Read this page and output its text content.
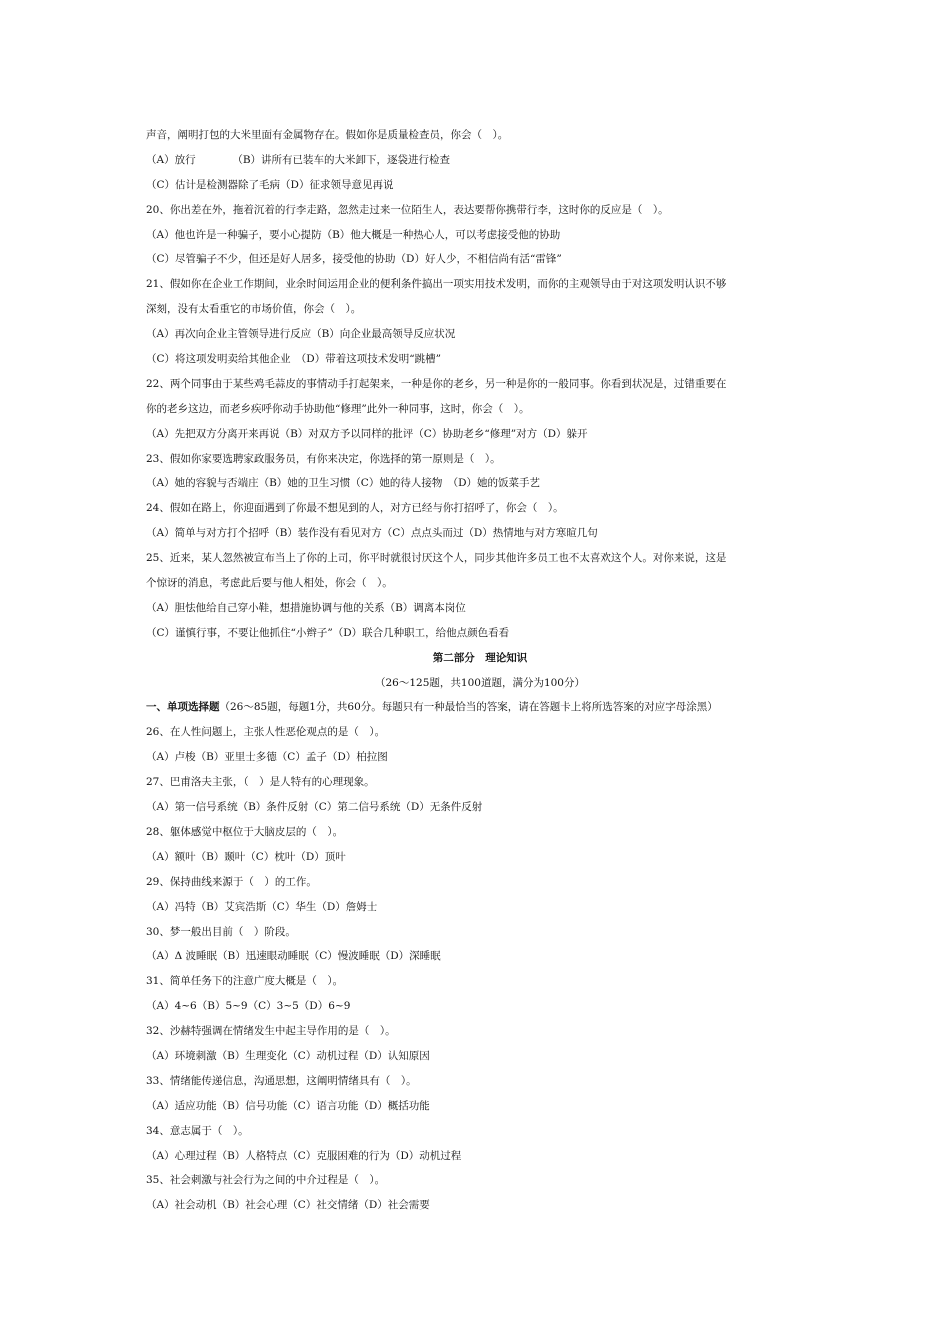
声音，阐明打包的大米里面有金属物存在。假如你是质量检查员，你会（　）。
（A）放行　　　　（B）讲所有已装车的大米卸下，逐袋进行检查
（C）估计是检测器除了毛病（D）征求领导意见再说
20、你出差在外，拖着沉着的行李走路，忽然走过来一位陌生人，表达要帮你携带行李，这时你的反应是（　）。
（A）他也许是一种骗子，要小心提防（B）他大概是一种热心人，可以考虑接受他的协助
（C）尽管骗子不少，但还是好人居多，接受他的协助（D）好人少，不相信尚有活“雷锋”
21、假如你在企业工作期间，业余时间运用企业的便利条件搞出一项实用技术发明，而你的主观领导由于对这项发明认识不够
深刻，没有太看重它的市场价值，你会（　）。
（A）再次向企业主管领导进行反应（B）向企业最高领导反应状况
（C）将这项发明卖给其他企业　（D）带着这项技术发明“跳槽”
22、两个同事由于某些鸡毛蒜皮的事情动手打起架来，一种是你的老乡，另一种是你的一般同事。你看到状况是，过错重要在
你的老乡这边，而老乡疾呼你动手协助他“修理”此外一种同事，这时，你会（　）。
（A）先把双方分离开来再说（B）对双方予以同样的批评（C）协助老乡“修理”对方（D）躲开
23、假如你家要选聘家政服务员，有你来决定，你选择的第一原则是（　）。
（A）她的容貌与否端庄（B）她的卫生习惯（C）她的待人接物　（D）她的饭菜手艺
24、假如在路上，你迎面遇到了你最不想见到的人，对方已经与你打招呼了，你会（　）。
（A）简单与对方打个招呼（B）装作没有看见对方（C）点点头而过（D）热情地与对方寒暄几句
25、近来，某人忽然被宣布当上了你的上司，你平时就很讨厌这个人，同步其他许多员工也不太喜欢这个人。对你来说，这是
个惊讶的消息，考虑此后要与他人相处，你会（　）。
（A）胆怯他给自己穿小鞋，想措施协调与他的关系（B）调离本岗位
（C）谨慎行事，不要让他抓住“小辫子”（D）联合几种职工，给他点颜色看看
第二部分　理论知识
（26～125题，共100道题，满分为100分）
一、单项选择题（26～85题，每题1分，共60分。每题只有一种最恰当的答案，请在答题卡上将所选答案的对应字母涂黑）
26、在人性问题上，主张人性恶伦观点的是（　）。
（A）卢梭（B）亚里士多德（C）孟子（D）柏拉图
27、巴甫洛夫主张，（　）是人特有的心理现象。
（A）第一信号系统（B）条件反射（C）第二信号系统（D）无条件反射
28、躯体感觉中枢位于大脑皮层的（　）。
（A）额叶（B）颞叶（C）枕叶（D）顶叶
29、保持曲线来源于（　）的工作。
（A）冯特（B）艾宾浩斯（C）华生（D）詹姆士
30、梦一般出目前（　）阶段。
（A）Δ 波睡眠（B）迅速眼动睡眠（C）慢波睡眠（D）深睡眠
31、简单任务下的注意广度大概是（　）。
（A）4~6（B）5~9（C）3~5（D）6~9
32、沙赫特强调在情绪发生中起主导作用的是（　）。
（A）环境刺激（B）生理变化（C）动机过程（D）认知原因
33、情绪能传递信息，沟通思想，这阐明情绪具有（　）。
（A）适应功能（B）信号功能（C）语言功能（D）概括功能
34、意志属于（　）。
（A）心理过程（B）人格特点（C）克服困难的行为（D）动机过程
35、社会刺激与社会行为之间的中介过程是（　）。
（A）社会动机（B）社会心理（C）社交情绪（D）社会需要
